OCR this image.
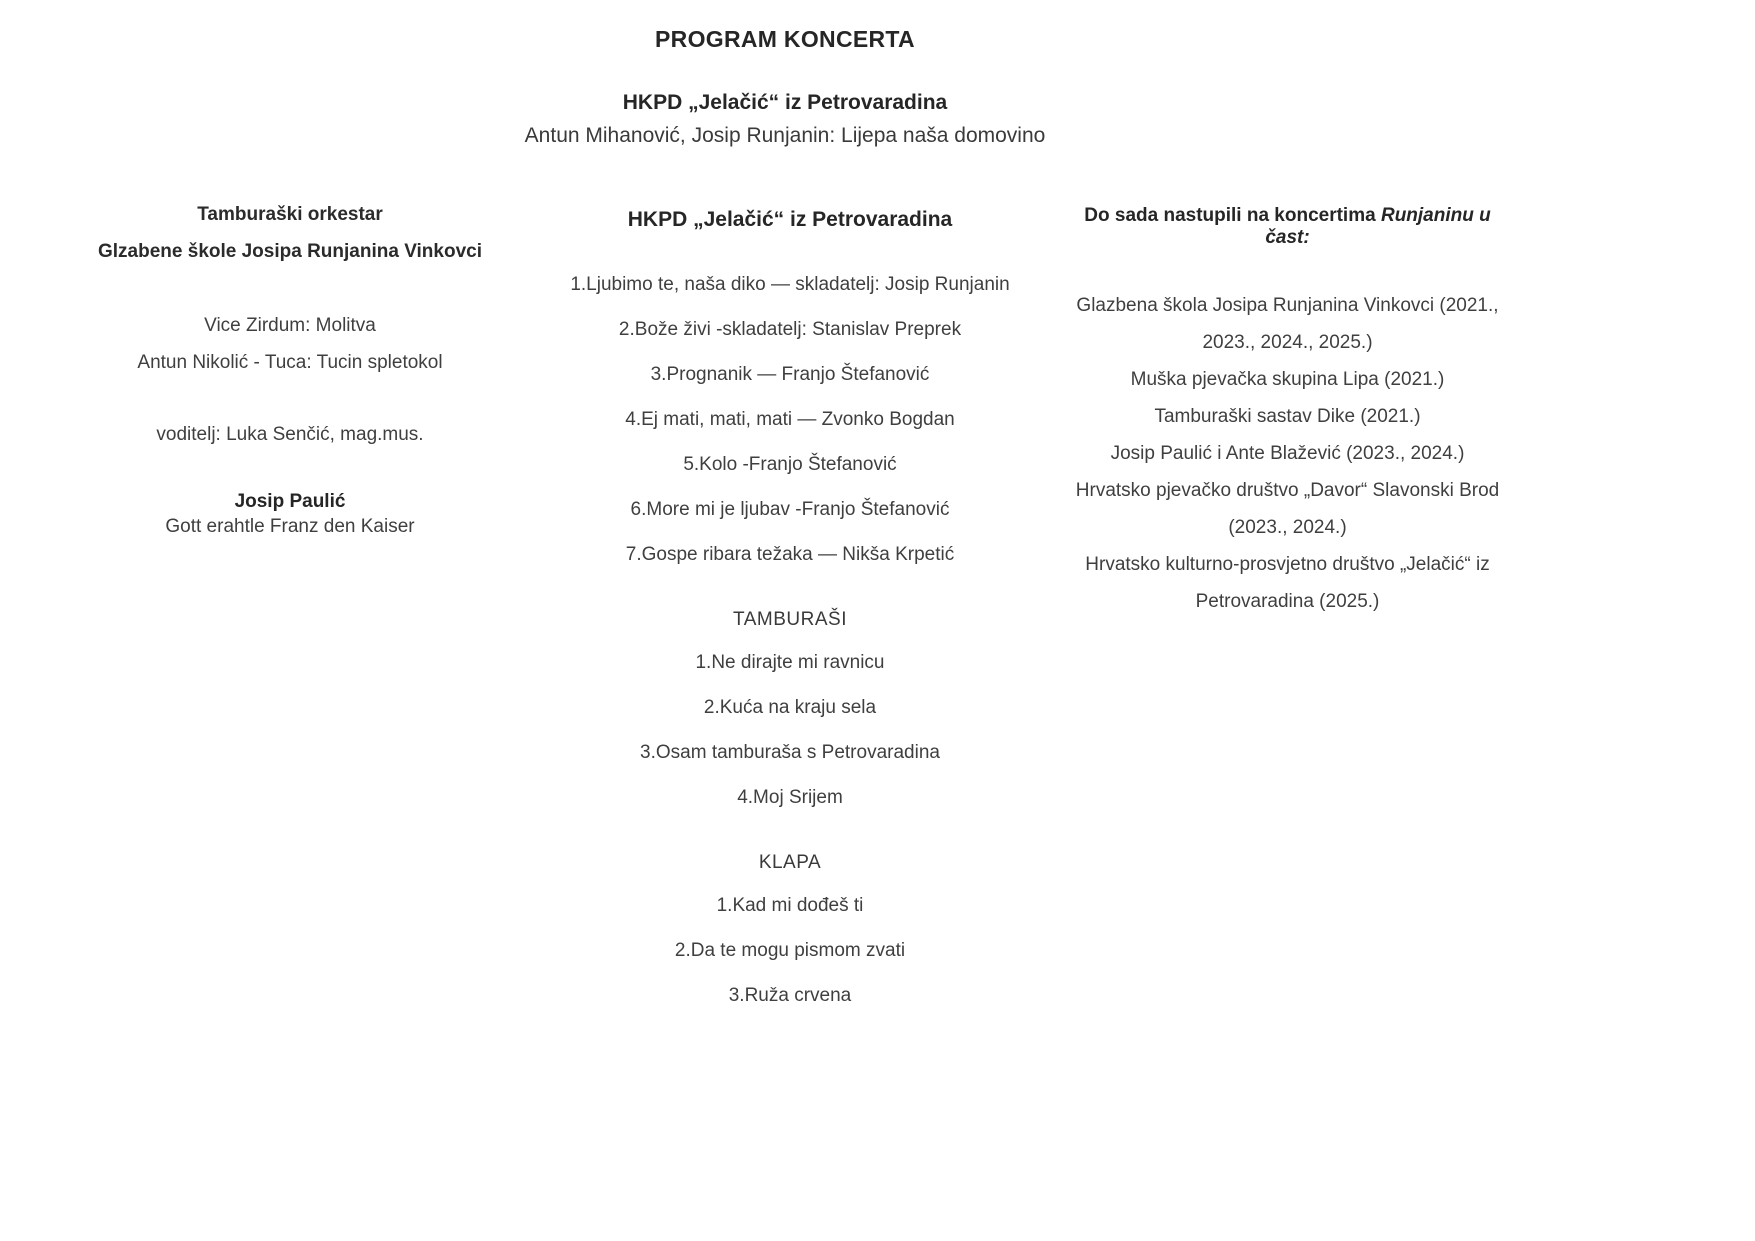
PROGRAM KONCERTA
HKPD „Jelačić“ iz Petrovaradina

Antun Mihanović, Josip Runjanin: Lijepa naša domovino

Tamburaški orkestar

Glzabene škole Josipa Runjanina Vinkovci

Vice Zirdum: Molitva

Antun Nikolić - Tuca: Tucin spletokol

voditelj: Luka Senčić, mag.mus.

Josip Paulić

Gott erahtle Franz den Kaiser

HKPD „Jelačić“ iz Petrovaradina

1.Ljubimo te, naša diko — skladatelj: Josip Runjanin

2.Bože živi -skladatelj: Stanislav Preprek

3.Prognanik — Franjo Štefanović

4.Ej mati, mati, mati — Zvonko Bogdan

5.Kolo -Franjo Štefanović

6.More mi je ljubav -Franjo Štefanović

7.Gospe ribara težaka — Nikša Krpetić

TAMBURAŠI

1.Ne dirajte mi ravnicu

2.Kuća na kraju sela

3.Osam tamburaša s Petrovaradina

4.Moj Srijem

KLAPA

1.Kad mi dođeš ti

2.Da te mogu pismom zvati

3.Ruža crvena

Do sada nastupili na koncertima Runjaninu u čast:

Glazbena škola Josipa Runjanina Vinkovci (2021., 2023., 2024., 2025.)

Muška pjevačka skupina Lipa (2021.)

Tamburaški sastav Dike (2021.)

Josip Paulić i Ante Blažević (2023., 2024.)

Hrvatsko pjevačko društvo „Davor“ Slavonski Brod (2023., 2024.)

Hrvatsko kulturno-prosvjetno društvo „Jelačić“ iz Petrovaradina (2025.)
